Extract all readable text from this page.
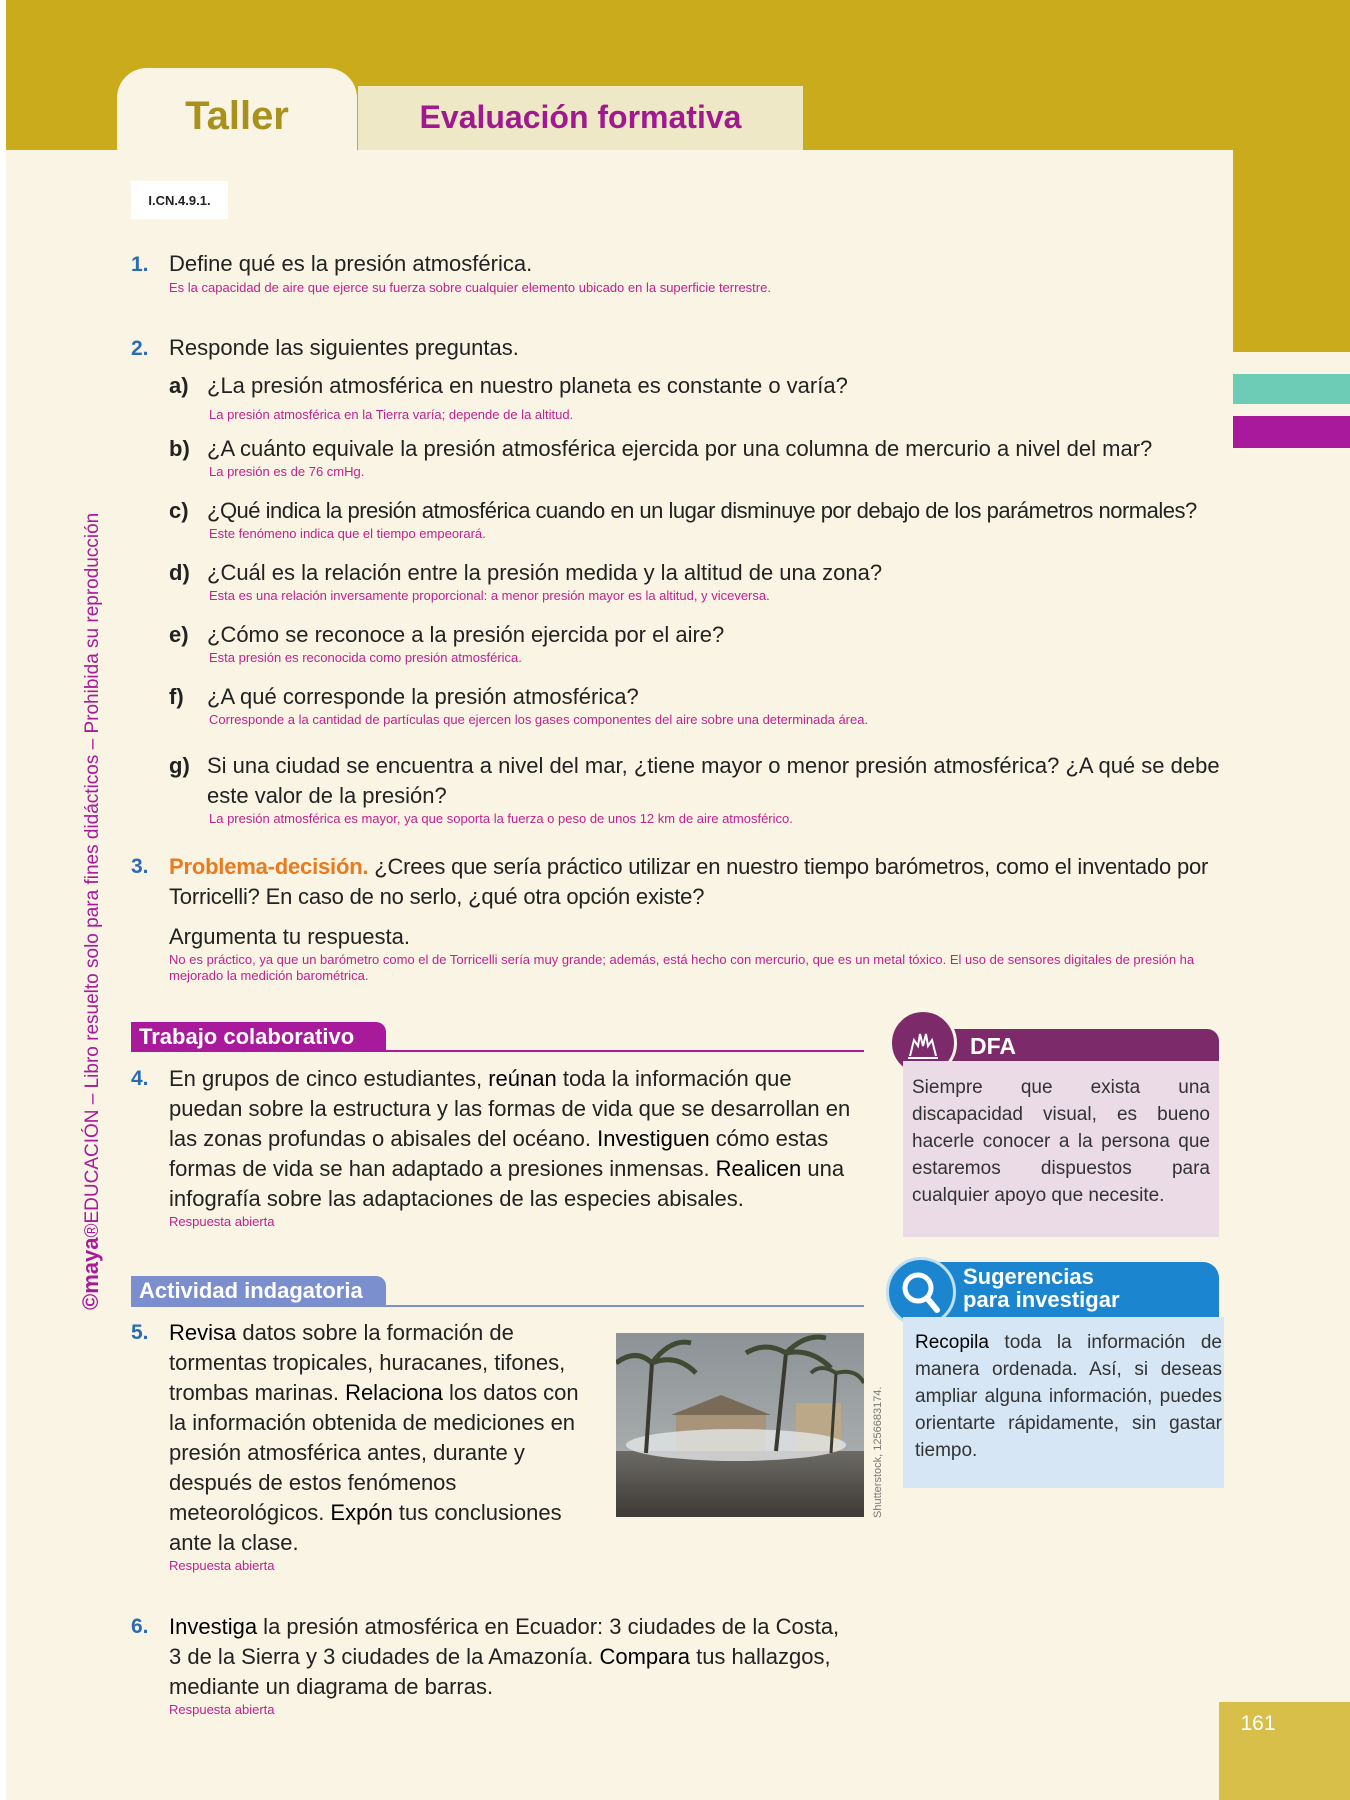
Taller	Evaluación formativa
I.CN.4.9.1.
©maya®EDUCACIÓN – Libro resuelto solo para fines didácticos – Prohibida su reproducción
1. Define qué es la presión atmosférica.
Es la capacidad de aire que ejerce su fuerza sobre cualquier elemento ubicado en la superficie terrestre.
2. Responde las siguientes preguntas.
a) ¿La presión atmosférica en nuestro planeta es constante o varía?
La presión atmosférica en la Tierra varía; depende de la altitud.
b) ¿A cuánto equivale la presión atmosférica ejercida por una columna de mercurio a nivel del mar?
La presión es de 76 cmHg.
c) ¿Qué indica la presión atmosférica cuando en un lugar disminuye por debajo de los parámetros normales?
Este fenómeno indica que el tiempo empeorará.
d) ¿Cuál es la relación entre la presión medida y la altitud de una zona?
Esta es una relación inversamente proporcional: a menor presión mayor es la altitud, y viceversa.
e) ¿Cómo se reconoce a la presión ejercida por el aire?
Esta presión es reconocida como presión atmosférica.
f)	¿A qué corresponde la presión atmosférica?
Corresponde a la cantidad de partículas que ejercen los gases componentes del aire sobre una determinada área.
g) Si una ciudad se encuentra a nivel del mar, ¿tiene mayor o menor presión atmosférica? ¿A qué se debe este valor de la presión?
La presión atmosférica es mayor, ya que soporta la fuerza o peso de unos 12 km de aire atmosférico.
3. Problema-decisión. ¿Crees que sería práctico utilizar en nuestro tiempo barómetros, como el inventado por Torricelli? En caso de no serlo, ¿qué otra opción existe?
Argumenta tu respuesta.
No es práctico, ya que un barómetro como el de Torricelli sería muy grande; además, está hecho con mercurio, que es un metal tóxico. El uso de sensores digitales de presión ha mejorado la medición barométrica.
Trabajo colaborativo
4. En grupos de cinco estudiantes, reúnan toda la información que puedan sobre la estructura y las formas de vida que se desarrollan en las zonas profundas o abisales del océano. Investiguen cómo estas formas de vida se han adaptado a presiones inmensas. Realicen una infografía sobre las adaptaciones de las especies abisales.
Respuesta abierta
DFA
Siempre que exista una discapacidad visual, es bueno hacerle conocer a la persona que estaremos dispuestos para cualquier apoyo que necesite.
Actividad indagatoria
5. Revisa datos sobre la formación de tormentas tropicales, huracanes, tifones, trombas marinas. Relaciona los datos con la información obtenida de mediciones en presión atmosférica antes, durante y después de estos fenómenos meteorológicos. Expón tus conclusiones ante la clase.
Respuesta abierta
Shutterstock, 1256683174.
Sugerencias
para investigar
Recopila toda la información de manera ordenada. Así, si deseas ampliar alguna información, puedes orientarte rápidamente, sin gastar tiempo.
6. Investiga la presión atmosférica en Ecuador: 3 ciudades de la Costa, 3 de la Sierra y 3 ciudades de la Amazonía. Compara tus hallazgos, mediante un diagrama de barras.
Respuesta abierta
161
